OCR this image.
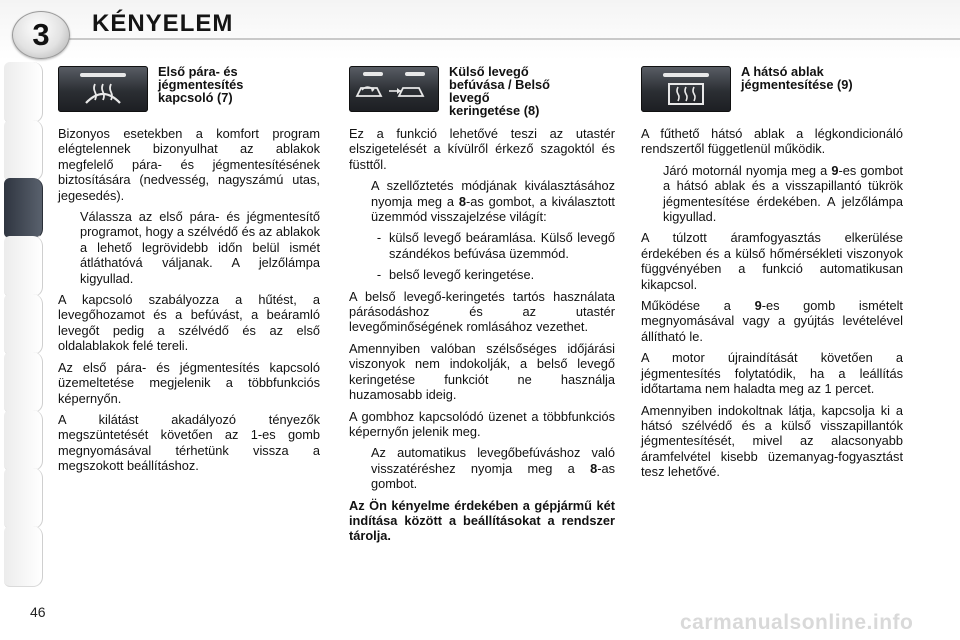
3	KÉNYELEM
Első pára- és
jégmentesítés
kapcsoló (7)

Bizonyos esetekben a komfort program elégtelennek bizonyulhat az ablakok megfelelő pára- és jégmentesítésének biztosítására (nedvesség, nagyszámú utas, jegesedés).

Válassza az első pára- és jégmentesítő programot, hogy a szélvédő és az ablakok a lehető legrövidebb időn belül ismét átláthatóvá váljanak. A jelzőlámpa kigyullad.

A kapcsoló szabályozza a hűtést, a levegőhozamot és a befúvást, a beáramló levegőt pedig a szélvédő és az első oldalablakok felé tereli.

Az első pára- és jégmentesítés kapcsoló üzemeltetése megjelenik a többfunkciós képernyőn.

A kilátást akadályozó tényezők megszüntetését követően az 1-es gomb megnyomásával térhetünk vissza a megszokott beállításhoz.

Külső levegő
befúvása / Belső
levegő
keringetése (8)

Ez a funkció lehetővé teszi az utastér elszigetelését a kívülről érkező szagoktól és füsttől.

A szellőztetés módjának kiválasztásához nyomja meg a 8-as gombot, a kiválasztott üzemmód visszajelzése világít:
- külső levegő beáramlása. Külső levegő szándékos befúvása üzemmód.
- belső levegő keringetése.

A belső levegő-keringetés tartós használata párásodáshoz és az utastér levegőminőségének romlásához vezethet.

Amennyiben valóban szélsőséges időjárási viszonyok nem indokolják, a belső levegő keringetése funkciót ne használja huzamosabb ideig.

A gombhoz kapcsolódó üzenet a többfunkciós képernyőn jelenik meg.

Az automatikus levegőbefúváshoz való visszatéréshez nyomja meg a 8-as gombot.

Az Ön kényelme érdekében a gépjármű két indítása között a beállításokat a rendszer tárolja.

A hátsó ablak
jégmentesítése (9)

A fűthető hátsó ablak a légkondicionáló rendszertől függetlenül működik.

Járó motornál nyomja meg a 9-es gombot a hátsó ablak és a visszapillantó tükrök jégmentesítése érdekében. A jelzőlámpa kigyullad.

A túlzott áramfogyasztás elkerülése érdekében és a külső hőmérsékleti viszonyok függvényében a funkció automatikusan kikapcsol.

Működése a 9-es gomb ismételt megnyomásával vagy a gyújtás levételével állítható le.

A motor újraindítását követően a jégmentesítés folytatódik, ha a leállítás időtartama nem haladta meg az 1 percet.

Amennyiben indokoltnak látja, kapcsolja ki a hátsó szélvédő és a külső visszapillantók jégmentesítését, mivel az alacsonyabb áramfelvétel kisebb üzemanyag-fogyasztást tesz lehetővé.

46	carmanualsonline.info
